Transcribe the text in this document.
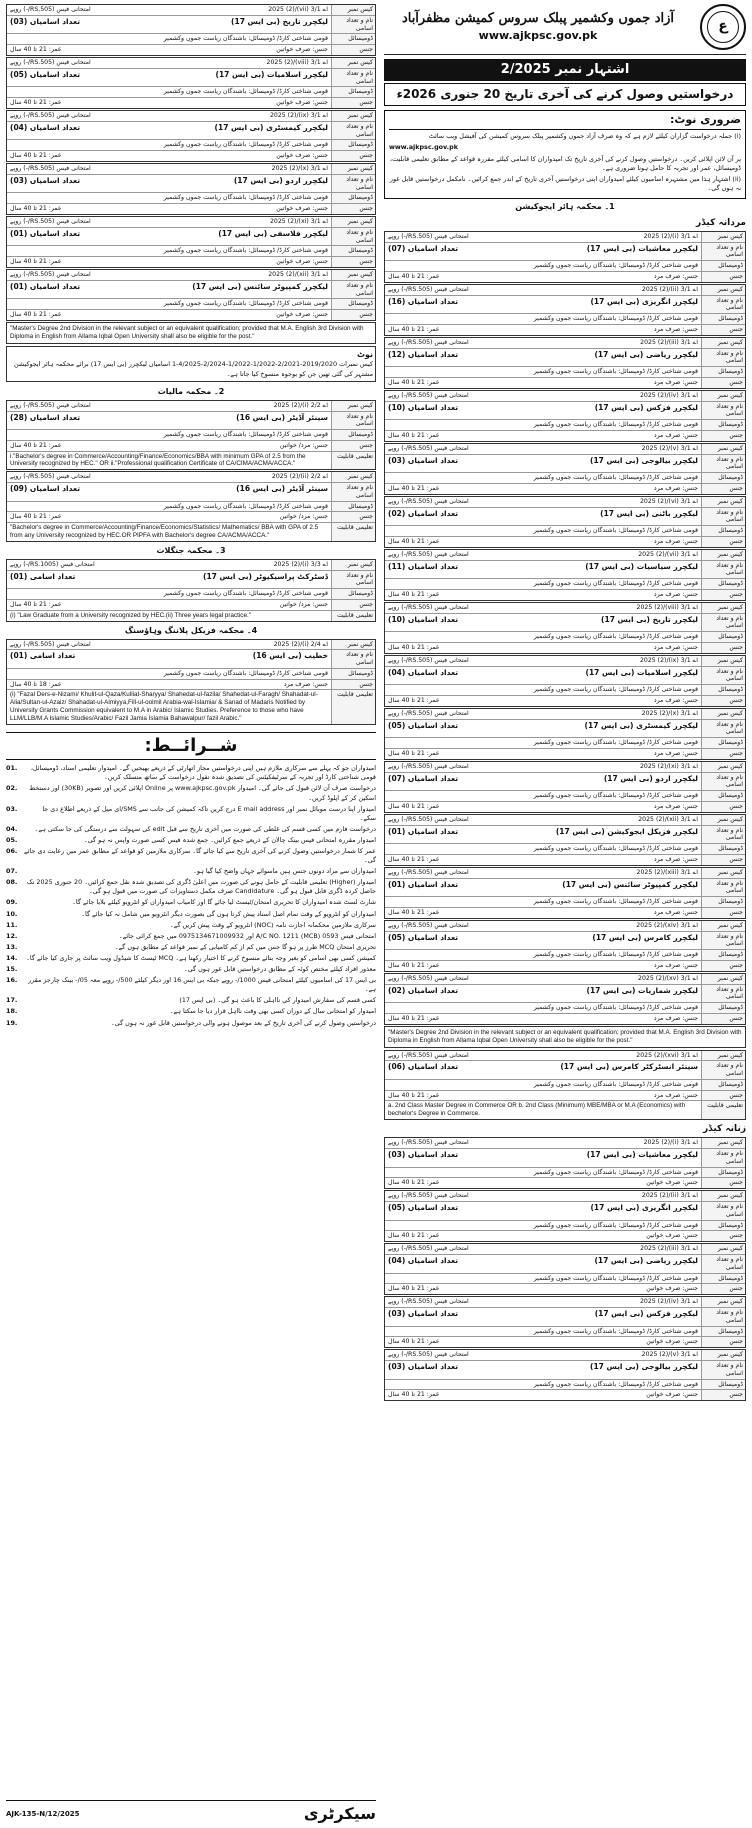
کیس نمبر
اے 3/1 (vii)/2025 (2)
امتحانی فیس (RS.505/-) روپے
نام و تعداد اسامی
لیکچرر تاریخ (بی ایس 17)
تعداد اسامیاں (03)
ڈومیسائل
قومی شناختی کارڈ/ ڈومیسائل: باشندگان ریاست جموں وکشمیر
جنس
جنس: صرف خواتین
عمر: 21 تا 40 سال
کیس نمبر
اے 3/1 (viii)/2025 (2)
امتحانی فیس (RS.505/-) روپے
نام و تعداد اسامی
لیکچرر اسلامیات (بی ایس 17)
تعداد اسامیاں (05)
ڈومیسائل
قومی شناختی کارڈ/ ڈومیسائل: باشندگان ریاست جموں وکشمیر
جنس
جنس: صرف خواتین
عمر: 21 تا 40 سال
کیس نمبر
اے 3/1 (ix)/2025 (2)
امتحانی فیس (RS.505/-) روپے
نام و تعداد اسامی
لیکچرر کیمسٹری (بی ایس 17)
تعداد اسامیاں (04)
ڈومیسائل
قومی شناختی کارڈ/ ڈومیسائل: باشندگان ریاست جموں وکشمیر
جنس
جنس: صرف خواتین
عمر: 21 تا 40 سال
کیس نمبر
اے 3/1 (x)/2025 (2)
امتحانی فیس (RS.505/-) روپے
نام و تعداد اسامی
لیکچرر اردو (بی ایس 17)
تعداد اسامیاں (03)
ڈومیسائل
قومی شناختی کارڈ/ ڈومیسائل: باشندگان ریاست جموں وکشمیر
جنس
جنس: صرف خواتین
عمر: 21 تا 40 سال
کیس نمبر
اے 3/1 (xi)/2025 (2)
امتحانی فیس (RS.505/-) روپے
نام و تعداد اسامی
لیکچرر فلاسفی (بی ایس 17)
تعداد اسامیاں (01)
ڈومیسائل
قومی شناختی کارڈ/ ڈومیسائل: باشندگان ریاست جموں وکشمیر
جنس
جنس: صرف خواتین
عمر: 21 تا 40 سال
کیس نمبر
اے 3/1 (xii)/2025 (2)
امتحانی فیس (RS.505/-) روپے
نام و تعداد اسامی
لیکچرر کمپیوٹر سائنس (بی ایس 17)
تعداد اسامیاں (01)
ڈومیسائل
قومی شناختی کارڈ/ ڈومیسائل: باشندگان ریاست جموں وکشمیر
جنس
جنس: صرف خواتین
عمر: 21 تا 40 سال
"Master's Degree 2nd Division in the relevant subject or an equivalent qualification; provided that M.A. English 3rd Division with Diploma in English from Allama Iqbal Open University shall also be eligible for the post."
نوٹ
کیس نمبرات 2019/2020-2/2021-1/2022-1/2022-2/2024-4/2025-1 اسامیاں لیکچرر (بی ایس 17) برائے محکمہ ہائر ایجوکیشن مشتہر کی گئی تھیں جن کو بوجوہ منسوخ کیا جاتا ہے۔
2۔ محکمہ مالیات
کیس نمبر
اے 2/2 (i)/2025 (2)
امتحانی فیس (RS.505/-) روپے
نام و تعداد اسامی
سینئر آڈیٹر (بی ایس 16)
تعداد اسامیاں (28)
ڈومیسائل
قومی شناختی کارڈ/ ڈومیسائل: باشندگان ریاست جموں وکشمیر
جنس
جنس: مرد/ خواتین
عمر: 21 تا 40 سال
تعلیمی قابلیت
i."Bachelor's degree in Commerce/Accounting/Finance/Economics/BBA with minimum GPA of 2.5 from the University recognized by HEC." OR ii."Professional qualification Certificate of CA/CIMA/ACMA/ACCA."
کیس نمبر
اے 2/2 (ii)/2025 (2)
امتحانی فیس (RS.505/-) روپے
نام و تعداد اسامی
سینئر آڈیٹر (بی ایس 16)
تعداد اسامیاں (09)
ڈومیسائل
قومی شناختی کارڈ/ ڈومیسائل: باشندگان ریاست جموں وکشمیر
جنس
جنس: مرد/ خواتین
عمر: 21 تا 40 سال
تعلیمی قابلیت
"Bachelor's degree in Commerce/Accounting/Finance/Economics/Statistics/ Mathematics/ BBA with GPA of 2.5 from any University recognized by HEC.OR PIPFA with Bachelor's degree CA/ACMA/ACCA."
3۔ محکمہ جنگلات
کیس نمبر
اے 3/3 (i)/2025 (2)
امتحانی فیس (RS.1005/-) روپے
نام و تعداد اسامی
ڈسٹرکٹ پراسیکیوٹر (بی ایس 17)
تعداد اسامی (01)
ڈومیسائل
قومی شناختی کارڈ/ ڈومیسائل: باشندگان ریاست جموں وکشمیر
جنس
جنس: مرد/ خواتین
عمر: 21 تا 40 سال
تعلیمی قابلیت
(i) "Law Graduate from a University recognized by HEC.(ii) Three years legal practice."
4۔ محکمہ فزیکل پلاننگ وہاؤسنگ
کیس نمبر
اے 2/4 (i)/2025 (2)
امتحانی فیس (RS.505/-) روپے
نام و تعداد اسامی
خطیب (بی ایس 16)
تعداد اسامی (01)
ڈومیسائل
قومی شناختی کارڈ/ ڈومیسائل: باشندگان ریاست جموں وکشمیر
جنس
جنس: صرف مرد
عمر: 18 تا 40 سال
تعلیمی قابلیت
(i) "Fazal Ders-e-Nizami/ Khulit-ul-Qaza/Kulliat-Sharyya/ Shahedat-ul-fazila/ Shahedat-ul-Faragh/ Shahadat-ul- Alia/Sultan-ul-Azaiz/ Shahadat-ul-Almiyya,Fill-ul-oolmil Arabia-wal-Islamia/ & Sanad of Madaris Notified by University Grants Commission equivalent to M.A in Arabic/ Islamic Studies. Preference to those who have LLM/LLB/M.A Islamic Studies/Arabic/ Fazil Jamia Islamia Bahawalpur/ fazil Arabic."
شــرائــط:
امیدواران جو کہ پہلے سے سرکاری ملازم ہیں اپنی درخواستیں مجاز اتھارٹی کے ذریعے بھیجیں گے۔ امیدوار تعلیمی اسناد، ڈومیسائل، قومی شناختی کارڈ اور تجربہ کے سرٹیفکیٹس کی تصدیق شدہ نقول درخواست کے ساتھ منسلک کریں۔
01.
درخواست صرف آن لائن قبول کی جائے گی۔ امیدوار www.ajkpsc.gov.pk پر Online اپلائی کریں اور تصویر (30KB) اور دستخط اسکین کر کے اپلوڈ کریں۔
02.
امیدوار اپنا درست موبائل نمبر اور E mail address درج کریں تاکہ کمیشن کی جانب سے SMS/ای میل کے ذریعے اطلاع دی جا سکے۔
03.
درخواست فارم میں کسی قسم کی غلطی کی صورت میں آخری تاریخ سے قبل edit کی سہولت سے درستگی کی جا سکتی ہے۔
04.
امیدوار مقررہ امتحانی فیس بینک چالان کے ذریعے جمع کرائیں۔ جمع شدہ فیس کسی صورت واپس نہ ہو گی۔
05.
عمر کا شمار درخواستیں وصول کرنے کی آخری تاریخ سے کیا جائے گا۔ سرکاری ملازمین کو قواعد کے مطابق عمر میں رعایت دی جائے گی۔
06.
امیدواران سے مراد دونوں جنس ہیں ماسوائے جہاں واضح کیا گیا ہو۔
07.
امیدوار (Higher) تعلیمی قابلیت کے حامل ہونے کی صورت میں اعلیٰ ڈگری کی تصدیق شدہ نقل جمع کرائیں۔ 20 جنوری 2025 تک حاصل کردہ ڈگری قابل قبول ہو گی۔ Candidature صرف مکمل دستاویزات کی صورت میں قبول ہو گی۔
08.
شارٹ لسٹ شدہ امیدواران کا تحریری امتحان/ٹیسٹ لیا جائے گا اور کامیاب امیدواران کو انٹرویو کیلئے بلایا جائے گا۔
09.
امیدواران کو انٹرویو کے وقت تمام اصل اسناد پیش کرنا ہوں گی بصورت دیگر انٹرویو میں شامل نہ کیا جائے گا۔
10.
سرکاری ملازمین محکمانہ اجازت نامہ (NOC) انٹرویو کے وقت پیش کریں گے۔
11.
امتحانی فیس A/C NO. 1211 (MCB) 0593 اور 0975134671009932 میں جمع کرائی جائے۔
12.
تحریری امتحان MCQ طرز پر ہو گا جس میں کم از کم کامیابی کے نمبر قواعد کے مطابق ہوں گے۔
13.
کمیشن کسی بھی اسامی کو بغیر وجہ بتائے منسوخ کرنے کا اختیار رکھتا ہے۔ MCQ ٹیسٹ کا شیڈول ویب سائٹ پر جاری کیا جائے گا۔
14.
معذور افراد کیلئے مختص کوٹہ کے مطابق درخواستیں قابل غور ہوں گی۔
15.
بی ایس 17 کی اسامیوں کیلئے امتحانی فیس 1000/- روپے جبکہ بی ایس 16 اور دیگر کیلئے 500/- روپے معہ 05/- بینک چارجز مقرر ہے۔
16.
کسی قسم کی سفارش امیدوار کی نااہلی کا باعث ہو گی۔ (بی ایس 17)
17.
امیدوار کو امتحانی سال کے دوران کسی بھی وقت نااہل قرار دیا جا سکتا ہے۔
18.
درخواستیں وصول کرنے کی آخری تاریخ کے بعد موصول ہونے والی درخواستیں قابل غور نہ ہوں گی۔
19.
AJK-135-N/12/2025	سیکرٹری
آزاد جموں وکشمیر پبلک سروس کمیشن مظفرآباد
www.ajkpsc.gov.pk
ع
اشتہار نمبر 2/2025
درخواستیں وصول کرنے کی آخری تاریخ 20 جنوری 2026ء
ضروری نوٹ:
(i) جملہ درخواست گزاران کیلئے لازم ہے کہ وہ صرف آزاد جموں وکشمیر پبلک سروس کمیشن کی آفیشل ویب سائٹ
www.ajkpsc.gov.pk
پر آن لائن اپلائی کریں۔ درخواستیں وصول کرنے کی آخری تاریخ تک امیدواران کا اسامی کیلئے مقررہ قواعد کے مطابق تعلیمی قابلیت، ڈومیسائل، عمر اور تجربہ کا حامل ہونا ضروری ہے۔
(ii) اشتہار ہذا میں مشتہرہ اسامیوں کیلئے امیدواران اپنی درخواستیں آخری تاریخ کے اندر جمع کرائیں۔ نامکمل درخواستیں قابل غور نہ ہوں گی۔
1۔ محکمہ ہائر ایجوکیشن
مردانہ کیڈر
کیس نمبر
اے 3/1 (i)/2025 (2)
امتحانی فیس (RS.505/-) روپے
نام و تعداد اسامی
لیکچرر معاشیات (بی ایس 17)
تعداد اسامیاں (07)
ڈومیسائل
قومی شناختی کارڈ/ ڈومیسائل: باشندگان ریاست جموں وکشمیر
جنس
جنس: صرف مرد
عمر: 21 تا 40 سال
کیس نمبر
اے 3/1 (ii)/2025 (2)
امتحانی فیس (RS.505/-) روپے
نام و تعداد اسامی
لیکچرر انگریزی (بی ایس 17)
تعداد اسامیاں (16)
ڈومیسائل
قومی شناختی کارڈ/ ڈومیسائل: باشندگان ریاست جموں وکشمیر
جنس
جنس: صرف مرد
عمر: 21 تا 40 سال
کیس نمبر
اے 3/1 (iii)/2025 (2)
امتحانی فیس (RS.505/-) روپے
نام و تعداد اسامی
لیکچرر ریاضی (بی ایس 17)
تعداد اسامیاں (12)
ڈومیسائل
قومی شناختی کارڈ/ ڈومیسائل: باشندگان ریاست جموں وکشمیر
جنس
جنس: صرف مرد
عمر: 21 تا 40 سال
کیس نمبر
اے 3/1 (iv)/2025 (2)
امتحانی فیس (RS.505/-) روپے
نام و تعداد اسامی
لیکچرر فزکس (بی ایس 17)
تعداد اسامیاں (10)
ڈومیسائل
قومی شناختی کارڈ/ ڈومیسائل: باشندگان ریاست جموں وکشمیر
جنس
جنس: صرف مرد
عمر: 21 تا 40 سال
کیس نمبر
اے 3/1 (v)/2025 (2)
امتحانی فیس (RS.505/-) روپے
نام و تعداد اسامی
لیکچرر بیالوجی (بی ایس 17)
تعداد اسامیاں (03)
ڈومیسائل
قومی شناختی کارڈ/ ڈومیسائل: باشندگان ریاست جموں وکشمیر
جنس
جنس: صرف مرد
عمر: 21 تا 40 سال
کیس نمبر
اے 3/1 (vi)/2025 (2)
امتحانی فیس (RS.505/-) روپے
نام و تعداد اسامی
لیکچرر باٹنی (بی ایس 17)
تعداد اسامیاں (02)
ڈومیسائل
قومی شناختی کارڈ/ ڈومیسائل: باشندگان ریاست جموں وکشمیر
جنس
جنس: صرف مرد
عمر: 21 تا 40 سال
کیس نمبر
اے 3/1 (vii)/2025 (2)
امتحانی فیس (RS.505/-) روپے
نام و تعداد اسامی
لیکچرر سیاسیات (بی ایس 17)
تعداد اسامیاں (11)
ڈومیسائل
قومی شناختی کارڈ/ ڈومیسائل: باشندگان ریاست جموں وکشمیر
جنس
جنس: صرف مرد
عمر: 21 تا 40 سال
کیس نمبر
اے 3/1 (viii)/2025 (2)
امتحانی فیس (RS.505/-) روپے
نام و تعداد اسامی
لیکچرر تاریخ (بی ایس 17)
تعداد اسامیاں (10)
ڈومیسائل
قومی شناختی کارڈ/ ڈومیسائل: باشندگان ریاست جموں وکشمیر
جنس
جنس: صرف مرد
عمر: 21 تا 40 سال
کیس نمبر
اے 3/1 (ix)/2025 (2)
امتحانی فیس (RS.505/-) روپے
نام و تعداد اسامی
لیکچرر اسلامیات (بی ایس 17)
تعداد اسامیاں (04)
ڈومیسائل
قومی شناختی کارڈ/ ڈومیسائل: باشندگان ریاست جموں وکشمیر
جنس
جنس: صرف مرد
عمر: 21 تا 40 سال
کیس نمبر
اے 3/1 (x)/2025 (2)
امتحانی فیس (RS.505/-) روپے
نام و تعداد اسامی
لیکچرر کیمسٹری (بی ایس 17)
تعداد اسامیاں (05)
ڈومیسائل
قومی شناختی کارڈ/ ڈومیسائل: باشندگان ریاست جموں وکشمیر
جنس
جنس: صرف مرد
عمر: 21 تا 40 سال
کیس نمبر
اے 3/1 (xi)/2025 (2)
امتحانی فیس (RS.505/-) روپے
نام و تعداد اسامی
لیکچرر اردو (بی ایس 17)
تعداد اسامیاں (07)
ڈومیسائل
قومی شناختی کارڈ/ ڈومیسائل: باشندگان ریاست جموں وکشمیر
جنس
جنس: صرف مرد
عمر: 21 تا 40 سال
کیس نمبر
اے 3/1 (xii)/2025 (2)
امتحانی فیس (RS.505/-) روپے
نام و تعداد اسامی
لیکچرر فزیکل ایجوکیشن (بی ایس 17)
تعداد اسامیاں (01)
ڈومیسائل
قومی شناختی کارڈ/ ڈومیسائل: باشندگان ریاست جموں وکشمیر
جنس
جنس: صرف مرد
عمر: 21 تا 40 سال
کیس نمبر
اے 3/1 (xiii)/2025 (2)
امتحانی فیس (RS.505/-) روپے
نام و تعداد اسامی
لیکچرر کمپیوٹر سائنس (بی ایس 17)
تعداد اسامیاں (01)
ڈومیسائل
قومی شناختی کارڈ/ ڈومیسائل: باشندگان ریاست جموں وکشمیر
جنس
جنس: صرف مرد
عمر: 21 تا 40 سال
کیس نمبر
اے 3/1 (xiv)/2025 (2)
امتحانی فیس (RS.505/-) روپے
نام و تعداد اسامی
لیکچرر کامرس (بی ایس 17)
تعداد اسامیاں (05)
ڈومیسائل
قومی شناختی کارڈ/ ڈومیسائل: باشندگان ریاست جموں وکشمیر
جنس
جنس: صرف مرد
عمر: 21 تا 40 سال
کیس نمبر
اے 3/1 (xv)/2025 (2)
امتحانی فیس (RS.505/-) روپے
نام و تعداد اسامی
لیکچرر شماریات (بی ایس 17)
تعداد اسامیاں (02)
ڈومیسائل
قومی شناختی کارڈ/ ڈومیسائل: باشندگان ریاست جموں وکشمیر
جنس
جنس: صرف مرد
عمر: 21 تا 40 سال
"Master's Degree 2nd Division in the relevant subject or an equivalent qualification; provided that M.A. English 3rd Division with Diploma in English from Allama Iqbal Open University shall also be eligible for the post."
کیس نمبر
اے 3/1 (xvi)/2025 (2)
امتحانی فیس (RS.505/-) روپے
نام و تعداد اسامی
سینئر انسٹرکٹر کامرس (بی ایس 17)
تعداد اسامیاں (06)
ڈومیسائل
قومی شناختی کارڈ/ ڈومیسائل: باشندگان ریاست جموں وکشمیر
جنس
جنس: صرف مرد
عمر: 21 تا 40 سال
تعلیمی قابلیت
a. 2nd Class Master Degree in Commerce OR b. 2nd Class (Minimum) MBE/MBA or M.A (Economics) with bechelor's Degree in Commerce.
زنانہ کیڈر
کیس نمبر
اے 3/1 (i)/2025 (2)
امتحانی فیس (RS.505/-) روپے
نام و تعداد اسامی
لیکچرر معاشیات (بی ایس 17)
تعداد اسامیاں (03)
ڈومیسائل
قومی شناختی کارڈ/ ڈومیسائل: باشندگان ریاست جموں وکشمیر
جنس
جنس: صرف خواتین
عمر: 21 تا 40 سال
کیس نمبر
اے 3/1 (ii)/2025 (2)
امتحانی فیس (RS.505/-) روپے
نام و تعداد اسامی
لیکچرر انگریزی (بی ایس 17)
تعداد اسامیاں (05)
ڈومیسائل
قومی شناختی کارڈ/ ڈومیسائل: باشندگان ریاست جموں وکشمیر
جنس
جنس: صرف خواتین
عمر: 21 تا 40 سال
کیس نمبر
اے 3/1 (iii)/2025 (2)
امتحانی فیس (RS.505/-) روپے
نام و تعداد اسامی
لیکچرر ریاضی (بی ایس 17)
تعداد اسامیاں (04)
ڈومیسائل
قومی شناختی کارڈ/ ڈومیسائل: باشندگان ریاست جموں وکشمیر
جنس
جنس: صرف خواتین
عمر: 21 تا 40 سال
کیس نمبر
اے 3/1 (iv)/2025 (2)
امتحانی فیس (RS.505/-) روپے
نام و تعداد اسامی
لیکچرر فزکس (بی ایس 17)
تعداد اسامیاں (03)
ڈومیسائل
قومی شناختی کارڈ/ ڈومیسائل: باشندگان ریاست جموں وکشمیر
جنس
جنس: صرف خواتین
عمر: 21 تا 40 سال
کیس نمبر
اے 3/1 (v)/2025 (2)
امتحانی فیس (RS.505/-) روپے
نام و تعداد اسامی
لیکچرر بیالوجی (بی ایس 17)
تعداد اسامیاں (03)
ڈومیسائل
قومی شناختی کارڈ/ ڈومیسائل: باشندگان ریاست جموں وکشمیر
جنس
جنس: صرف خواتین
عمر: 21 تا 40 سال
